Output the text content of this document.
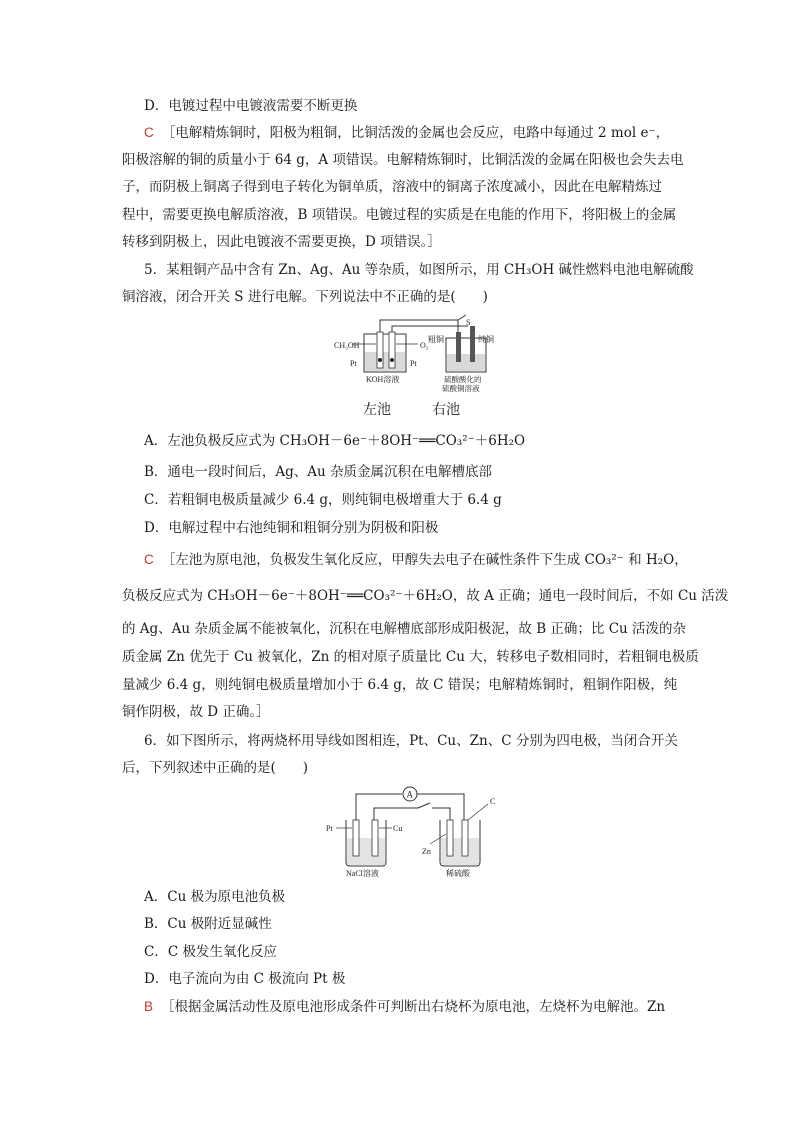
D．电镀过程中电镀液需要不断更换
C ［电解精炼铜时，阳极为粗铜，比铜活泼的金属也会反应，电路中每通过 2 mol e⁻，
阳极溶解的铜的质量小于 64 g，A 项错误。电解精炼铜时，比铜活泼的金属在阳极也会失去电
子，而阴极上铜离子得到电子转化为铜单质，溶液中的铜离子浓度减小，因此在电解精炼过
程中，需要更换电解质溶液，B 项错误。电镀过程的实质是在电能的作用下，将阳极上的金属
转移到阴极上，因此电镀液不需要更换，D 项错误。］
5．某粗铜产品中含有 Zn、Ag、Au 等杂质，如图所示，用 CH₃OH 碱性燃料电池电解硫酸
铜溶液，闭合开关 S 进行电解。下列说法中不正确的是(　　)
S
CH₃OH	O₂
Pt	Pt
KOH溶液
粗铜	纯铜
硫酸酸化的
硫酸铜溶液
左池	右池
A．左池负极反应式为 CH₃OH－6e⁻＋8OH⁻══CO₃²⁻＋6H₂O
B．通电一段时间后，Ag、Au 杂质金属沉积在电解槽底部
C．若粗铜电极质量减少 6.4 g，则纯铜电极增重大于 6.4 g
D．电解过程中右池纯铜和粗铜分别为阴极和阳极
C ［左池为原电池，负极发生氧化反应，甲醇失去电子在碱性条件下生成 CO₃²⁻ 和 H₂O，
负极反应式为 CH₃OH－6e⁻＋8OH⁻══CO₃²⁻＋6H₂O，故 A 正确；通电一段时间后，不如 Cu 活泼
的 Ag、Au 杂质金属不能被氧化，沉积在电解槽底部形成阳极泥，故 B 正确；比 Cu 活泼的杂
质金属 Zn 优先于 Cu 被氧化，Zn 的相对原子质量比 Cu 大，转移电子数相同时，若粗铜电极质
量减少 6.4 g，则纯铜电极质量增加小于 6.4 g，故 C 错误；电解精炼铜时，粗铜作阳极，纯
铜作阴极，故 D 正确。］
6．如下图所示，将两烧杯用导线如图相连，Pt、Cu、Zn、C 分别为四电极，当闭合开关
后，下列叙述中正确的是(　　)
A
Pt	Cu
NaCl溶液
Zn
C
稀硫酸
A．Cu 极为原电池负极
B．Cu 极附近显碱性
C．C 极发生氧化反应
D．电子流向为由 C 极流向 Pt 极
B ［根据金属活动性及原电池形成条件可判断出右烧杯为原电池，左烧杯为电解池。Zn
